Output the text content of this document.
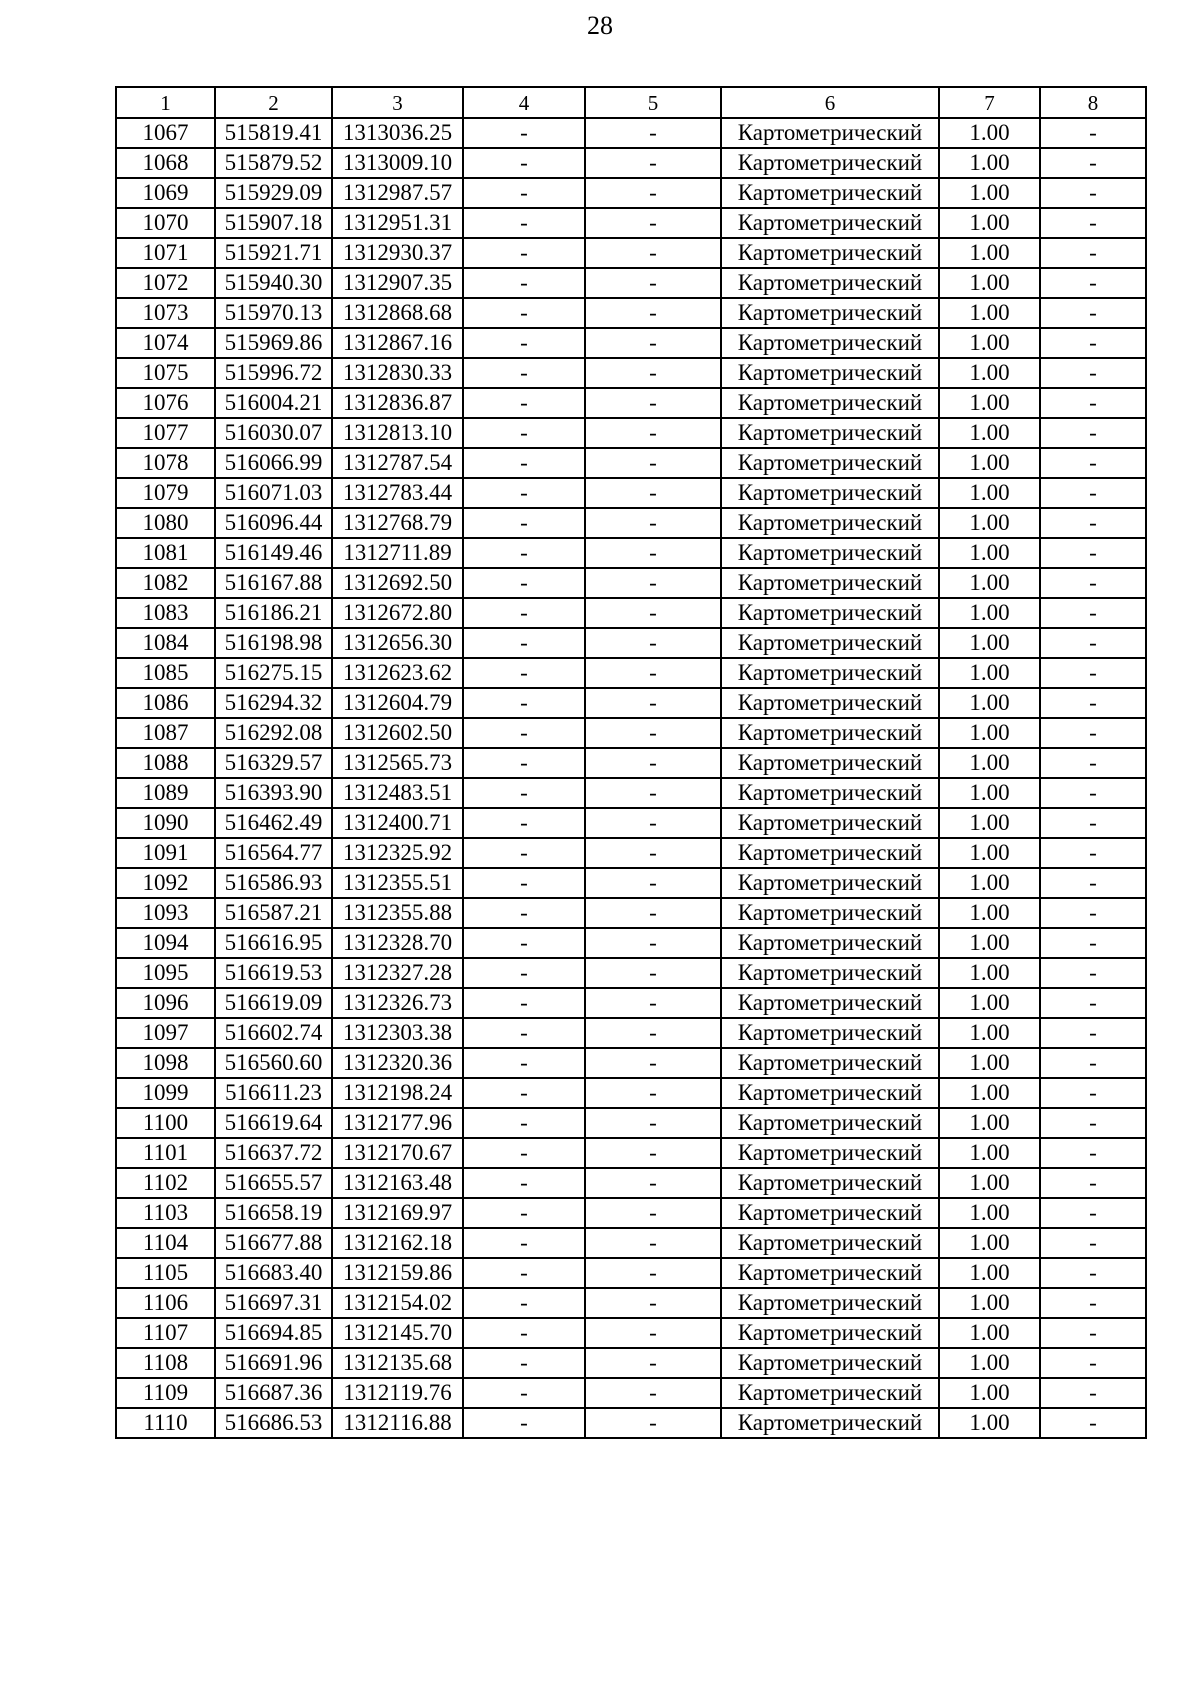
28
1	2	3	4	5	6	7	8
1067	515819.41	1313036.25	-	-	Картометрический	1.00	-
1068	515879.52	1313009.10	-	-	Картометрический	1.00	-
1069	515929.09	1312987.57	-	-	Картометрический	1.00	-
1070	515907.18	1312951.31	-	-	Картометрический	1.00	-
1071	515921.71	1312930.37	-	-	Картометрический	1.00	-
1072	515940.30	1312907.35	-	-	Картометрический	1.00	-
1073	515970.13	1312868.68	-	-	Картометрический	1.00	-
1074	515969.86	1312867.16	-	-	Картометрический	1.00	-
1075	515996.72	1312830.33	-	-	Картометрический	1.00	-
1076	516004.21	1312836.87	-	-	Картометрический	1.00	-
1077	516030.07	1312813.10	-	-	Картометрический	1.00	-
1078	516066.99	1312787.54	-	-	Картометрический	1.00	-
1079	516071.03	1312783.44	-	-	Картометрический	1.00	-
1080	516096.44	1312768.79	-	-	Картометрический	1.00	-
1081	516149.46	1312711.89	-	-	Картометрический	1.00	-
1082	516167.88	1312692.50	-	-	Картометрический	1.00	-
1083	516186.21	1312672.80	-	-	Картометрический	1.00	-
1084	516198.98	1312656.30	-	-	Картометрический	1.00	-
1085	516275.15	1312623.62	-	-	Картометрический	1.00	-
1086	516294.32	1312604.79	-	-	Картометрический	1.00	-
1087	516292.08	1312602.50	-	-	Картометрический	1.00	-
1088	516329.57	1312565.73	-	-	Картометрический	1.00	-
1089	516393.90	1312483.51	-	-	Картометрический	1.00	-
1090	516462.49	1312400.71	-	-	Картометрический	1.00	-
1091	516564.77	1312325.92	-	-	Картометрический	1.00	-
1092	516586.93	1312355.51	-	-	Картометрический	1.00	-
1093	516587.21	1312355.88	-	-	Картометрический	1.00	-
1094	516616.95	1312328.70	-	-	Картометрический	1.00	-
1095	516619.53	1312327.28	-	-	Картометрический	1.00	-
1096	516619.09	1312326.73	-	-	Картометрический	1.00	-
1097	516602.74	1312303.38	-	-	Картометрический	1.00	-
1098	516560.60	1312320.36	-	-	Картометрический	1.00	-
1099	516611.23	1312198.24	-	-	Картометрический	1.00	-
1100	516619.64	1312177.96	-	-	Картометрический	1.00	-
1101	516637.72	1312170.67	-	-	Картометрический	1.00	-
1102	516655.57	1312163.48	-	-	Картометрический	1.00	-
1103	516658.19	1312169.97	-	-	Картометрический	1.00	-
1104	516677.88	1312162.18	-	-	Картометрический	1.00	-
1105	516683.40	1312159.86	-	-	Картометрический	1.00	-
1106	516697.31	1312154.02	-	-	Картометрический	1.00	-
1107	516694.85	1312145.70	-	-	Картометрический	1.00	-
1108	516691.96	1312135.68	-	-	Картометрический	1.00	-
1109	516687.36	1312119.76	-	-	Картометрический	1.00	-
1110	516686.53	1312116.88	-	-	Картометрический	1.00	-
